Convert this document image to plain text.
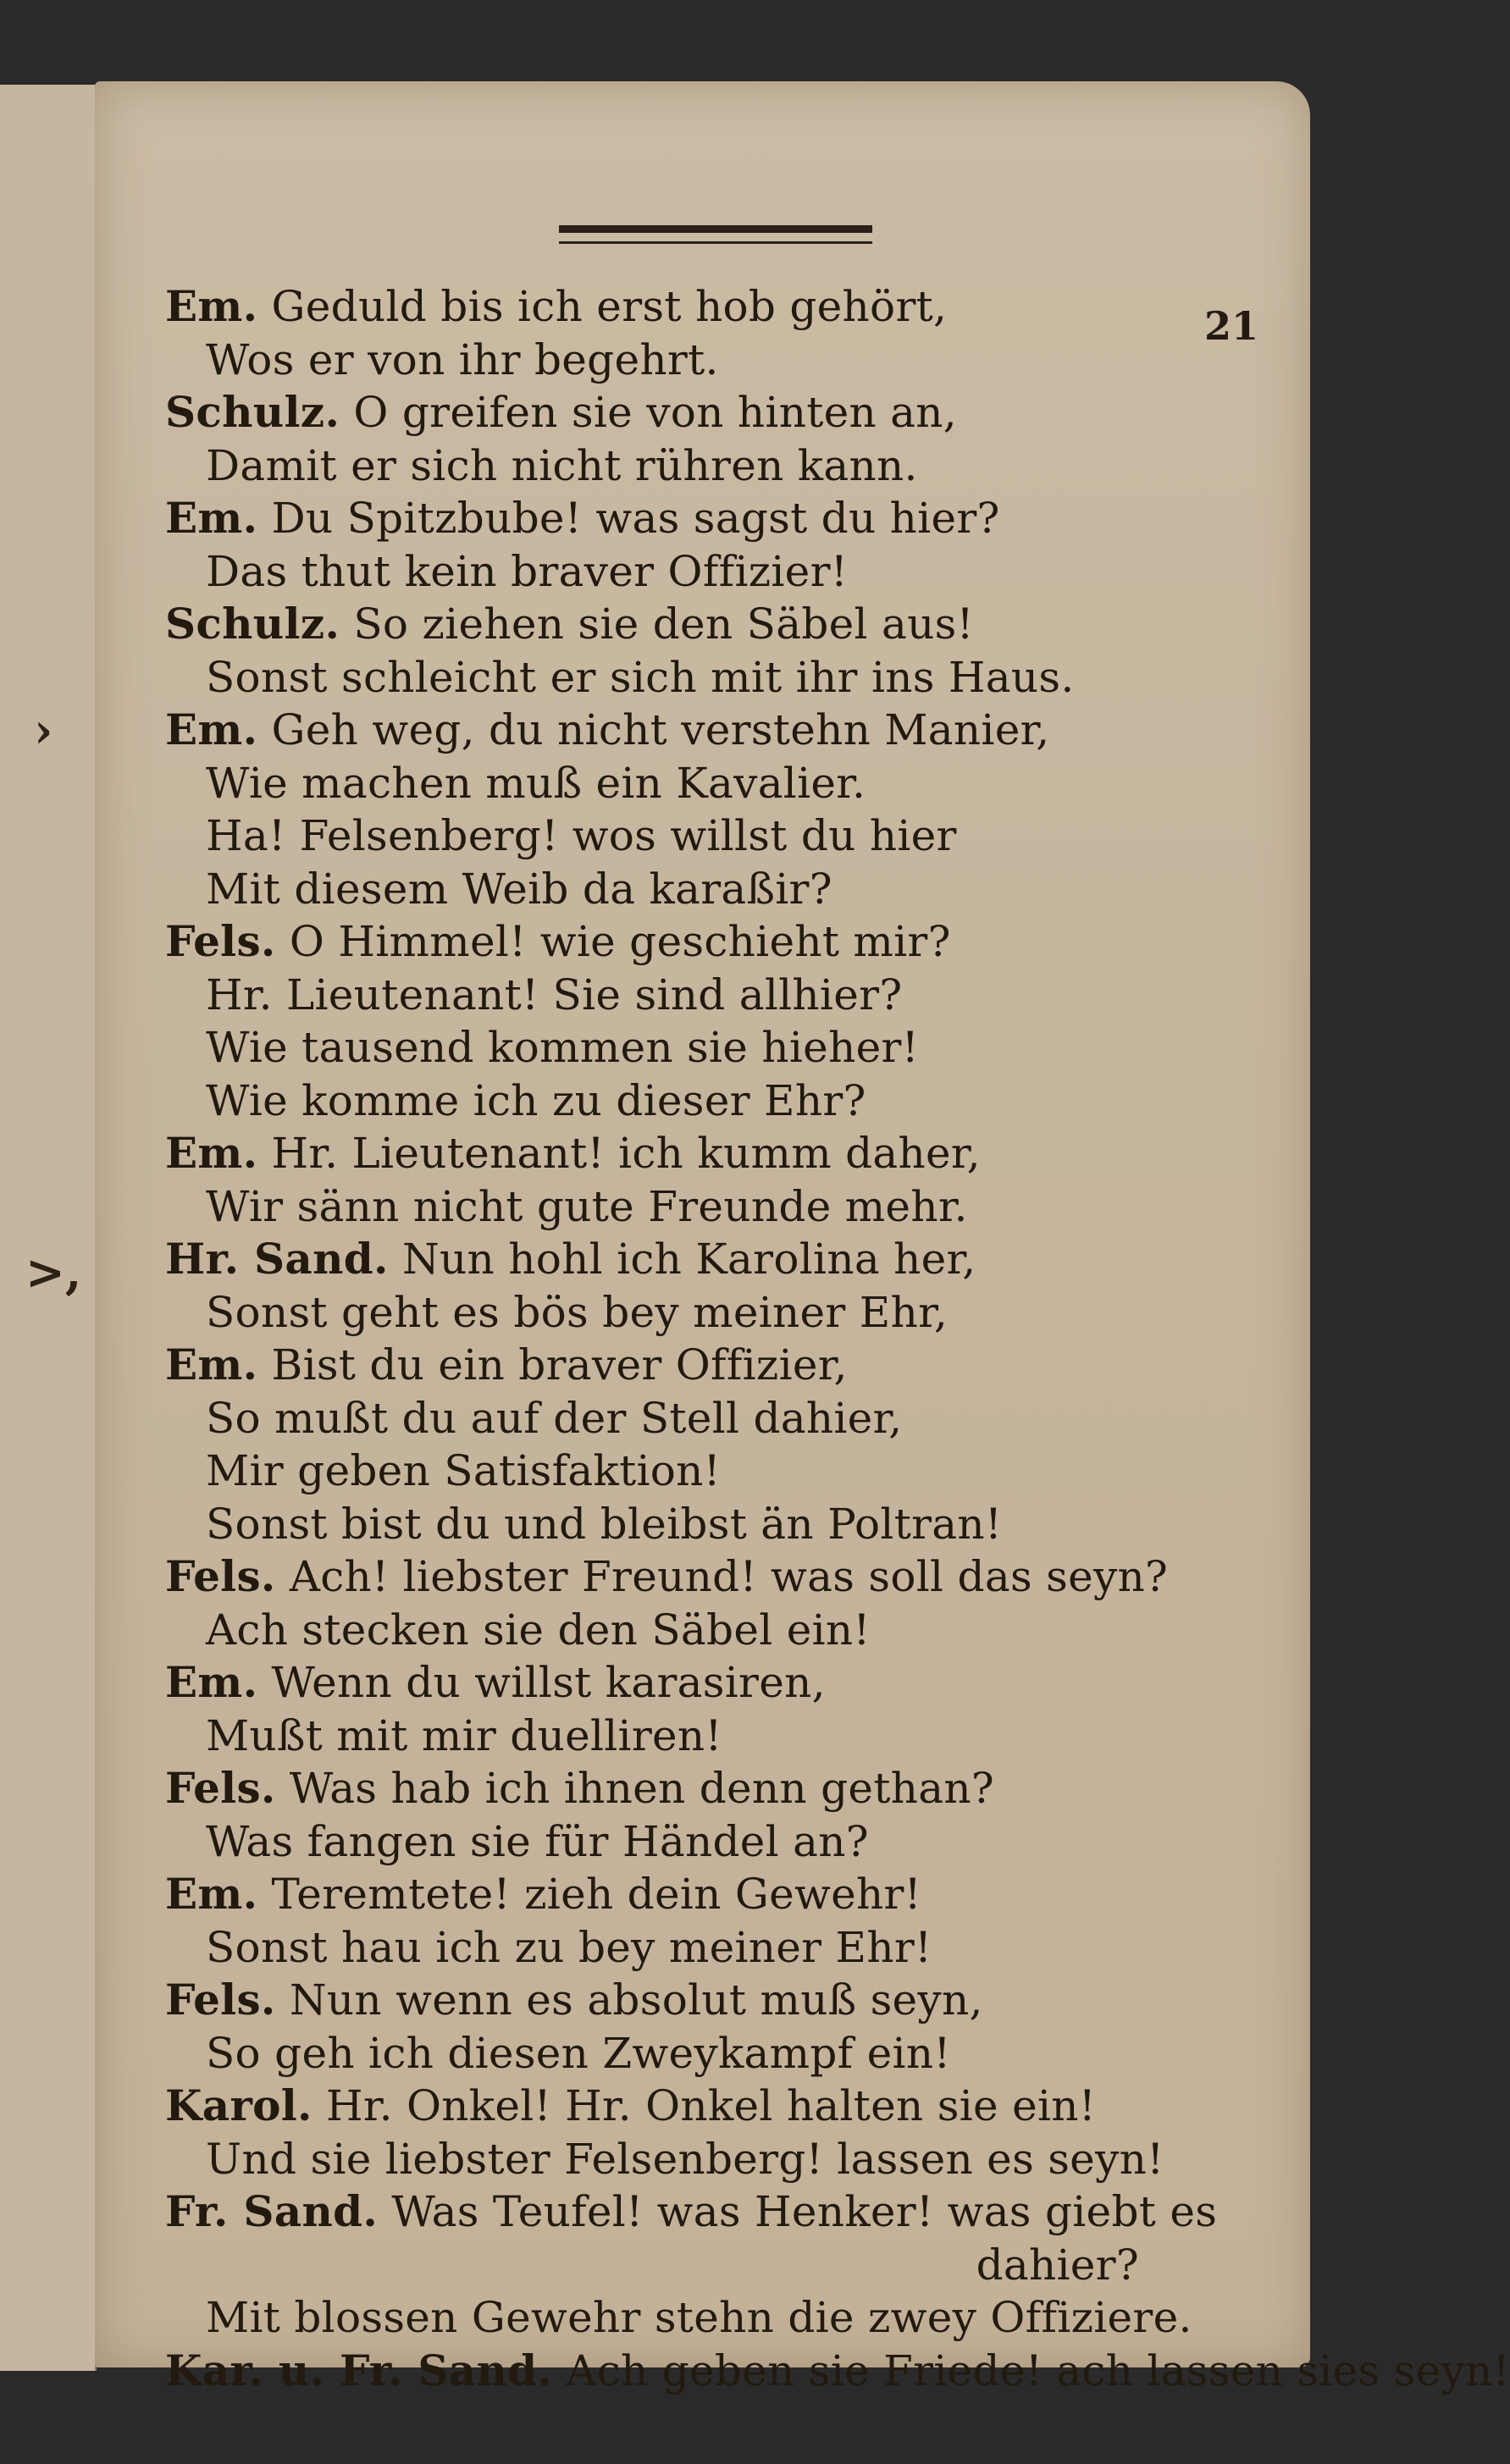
›
>,
21
Em. Geduld bis ich erst hob gehört,
Wos er von ihr begehrt.
Schulz. O greifen sie von hinten an,
Damit er sich nicht rühren kann.
Em. Du Spitzbube! was sagst du hier?
Das thut kein braver Offizier!
Schulz. So ziehen sie den Säbel aus!
Sonst schleicht er sich mit ihr ins Haus.
Em. Geh weg, du nicht verstehn Manier,
Wie machen muß ein Kavalier.
Ha! Felsenberg! wos willst du hier
Mit diesem Weib da karaßir?
Fels. O Himmel! wie geschieht mir?
Hr. Lieutenant! Sie sind allhier?
Wie tausend kommen sie hieher!
Wie komme ich zu dieser Ehr?
Em. Hr. Lieutenant! ich kumm daher,
Wir sänn nicht gute Freunde mehr.
Hr. Sand. Nun hohl ich Karolina her,
Sonst geht es bös bey meiner Ehr,
Em. Bist du ein braver Offizier,
So mußt du auf der Stell dahier,
Mir geben Satisfaktion!
Sonst bist du und bleibst än Poltran!
Fels. Ach! liebster Freund! was soll das seyn?
Ach stecken sie den Säbel ein!
Em. Wenn du willst karasiren,
Mußt mit mir duelliren!
Fels. Was hab ich ihnen denn gethan?
Was fangen sie für Händel an?
Em. Teremtete! zieh dein Gewehr!
Sonst hau ich zu bey meiner Ehr!
Fels. Nun wenn es absolut muß seyn,
So geh ich diesen Zweykampf ein!
Karol. Hr. Onkel! Hr. Onkel halten sie ein!
Und sie liebster Felsenberg! lassen es seyn!
Fr. Sand. Was Teufel! was Henker! was giebt es
dahier?
Mit blossen Gewehr stehn die zwey Offiziere.
Kar. u. Fr. Sand. Ach geben sie Friede! ach lassen sies seyn!
